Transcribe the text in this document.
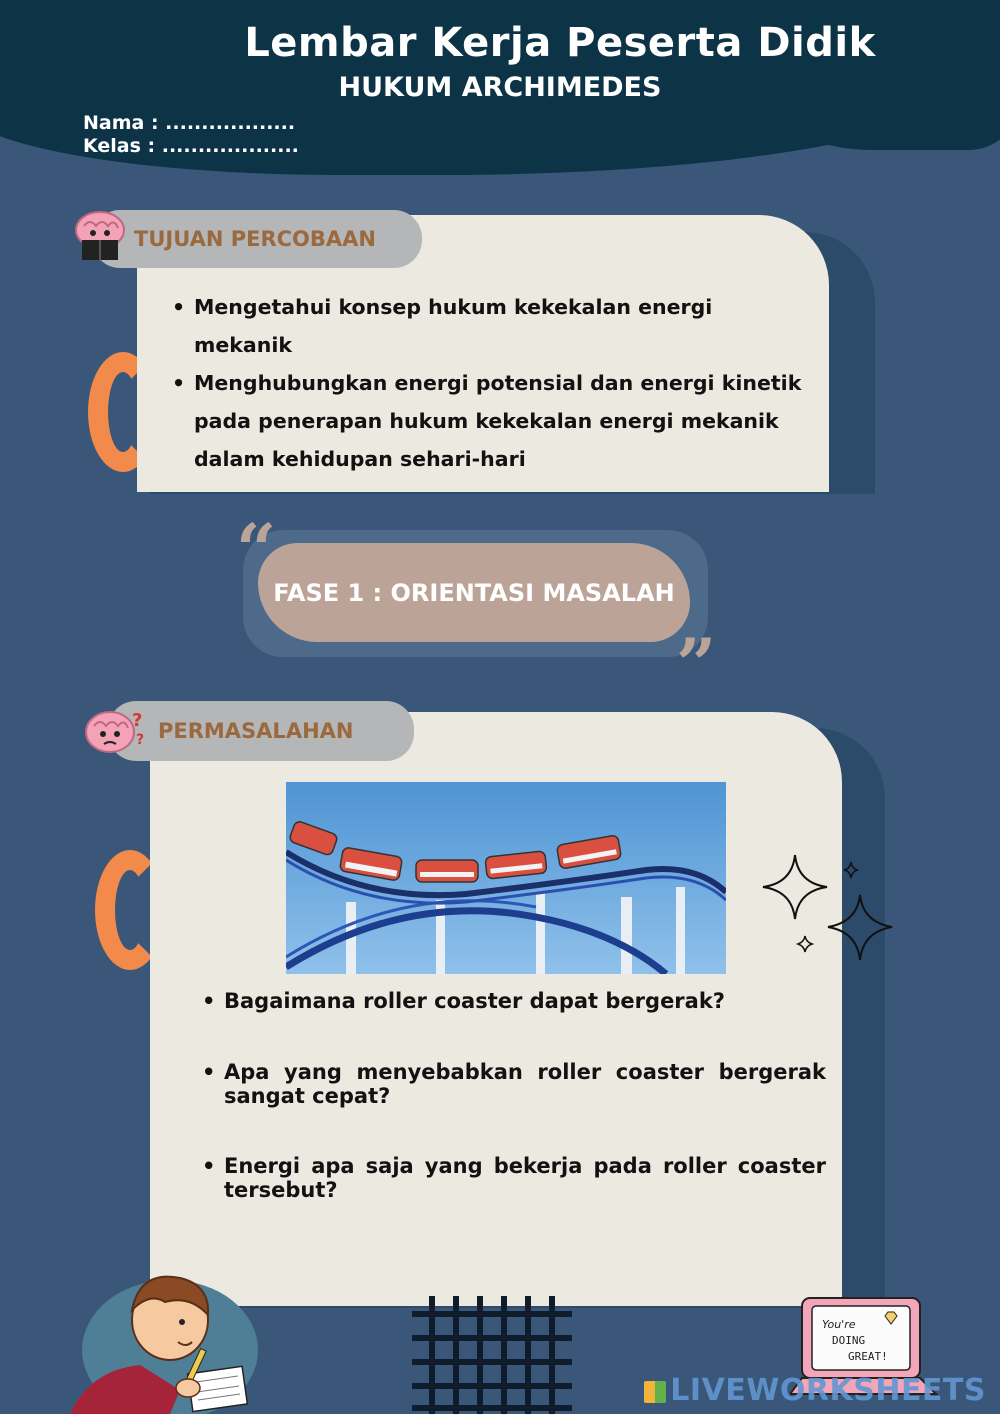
Lembar Kerja Peserta Didik
HUKUM ARCHIMEDES
Nama : ..................
Kelas : ...................
TUJUAN PERCOBAAN
• Mengetahui konsep hukum kekekalan energi mekanik
• Menghubungkan energi potensial dan energi kinetik pada penerapan hukum kekekalan energi mekanik dalam kehidupan sehari-hari
FASE 1 : ORIENTASI MASALAH
“
”
PERMASALAHAN
?
?
• Bagaimana roller coaster dapat bergerak?
• Apa yang menyebabkan roller coaster bergerak sangat cepat?
• Energi apa saja yang bekerja pada roller coaster tersebut?
You're
DOING
GREAT!
LIVEWORKSHEETS
